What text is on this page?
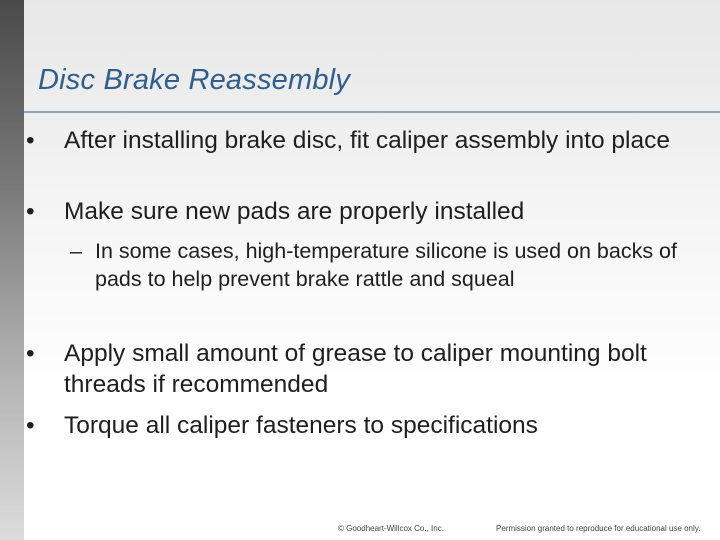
Disc Brake Reassembly
• After installing brake disc, fit caliper assembly into place
• Make sure new pads are properly installed
– In some cases, high-temperature silicone is used on backs of pads to help prevent brake rattle and squeal
• Apply small amount of grease to caliper mounting bolt threads if recommended
• Torque all caliper fasteners to specifications
© Goodheart-Willcox Co., Inc.	Permission granted to reproduce for educational use only.
